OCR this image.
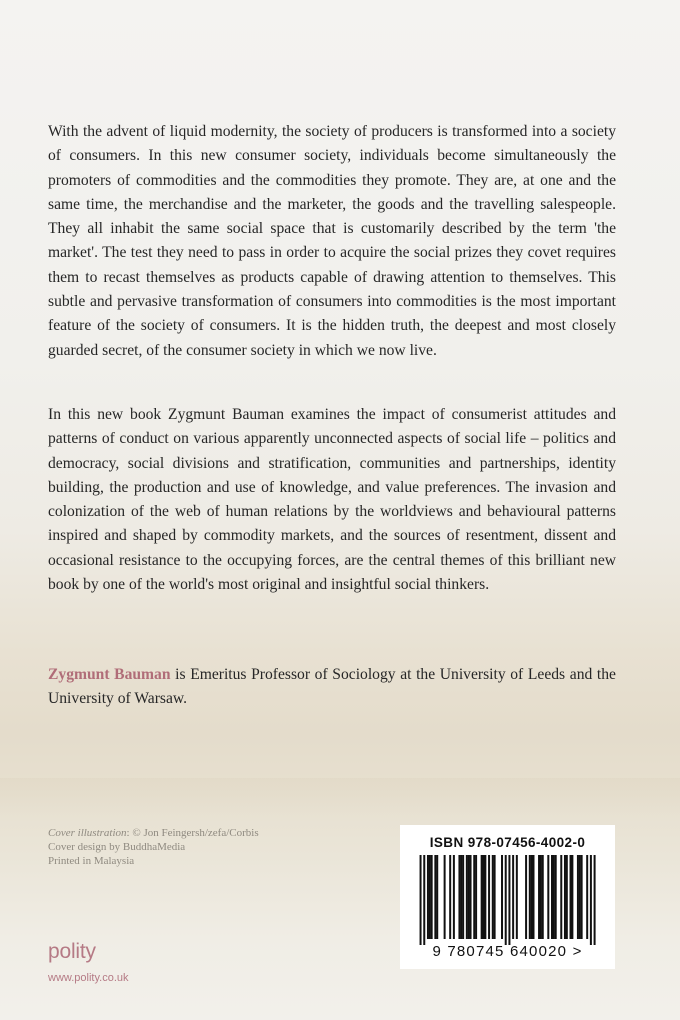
With the advent of liquid modernity, the society of producers is transformed into a society of consumers. In this new consumer society, individuals become simultaneously the promoters of commodities and the commodities they promote. They are, at one and the same time, the merchandise and the marketer, the goods and the travelling salespeople. They all inhabit the same social space that is customarily described by the term 'the market'. The test they need to pass in order to acquire the social prizes they covet requires them to recast themselves as products capable of drawing attention to themselves. This subtle and pervasive transformation of consumers into commodities is the most important feature of the society of consumers. It is the hidden truth, the deepest and most closely guarded secret, of the consumer society in which we now live.

In this new book Zygmunt Bauman examines the impact of consumerist attitudes and patterns of conduct on various apparently unconnected aspects of social life – politics and democracy, social divisions and stratification, communities and partnerships, identity building, the production and use of knowledge, and value preferences. The invasion and colonization of the web of human relations by the worldviews and behavioural patterns inspired and shaped by commodity markets, and the sources of resentment, dissent and occasional resistance to the occupying forces, are the central themes of this brilliant new book by one of the world's most original and insightful social thinkers.

Zygmunt Bauman is Emeritus Professor of Sociology at the University of Leeds and the University of Warsaw.

Cover illustration: © Jon Feingersh/zefa/Corbis
Cover design by BuddhaMedia
Printed in Malaysia
polity
www.polity.co.uk
ISBN 978-07456-4002-0
9 780745 640020 >
